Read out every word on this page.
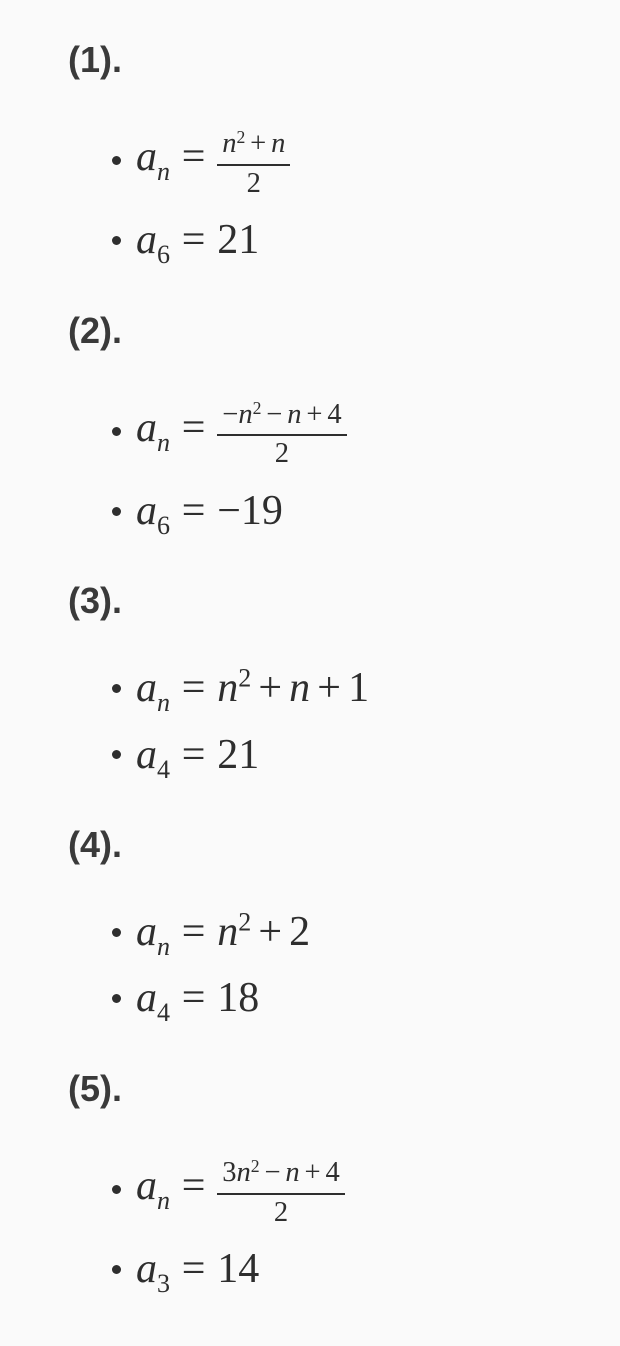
(1).
$a_n = \frac{n^2 + n}{2}$
$a_6 = 21$
(2).
$a_n = \frac{-n^2 - n + 4}{2}$
$a_6 = -19$
(3).
$a_n = n^2 + n + 1$
$a_4 = 21$
(4).
$a_n = n^2 + 2$
$a_4 = 18$
(5).
$a_n = \frac{3n^2 - n + 4}{2}$
$a_3 = 14$
